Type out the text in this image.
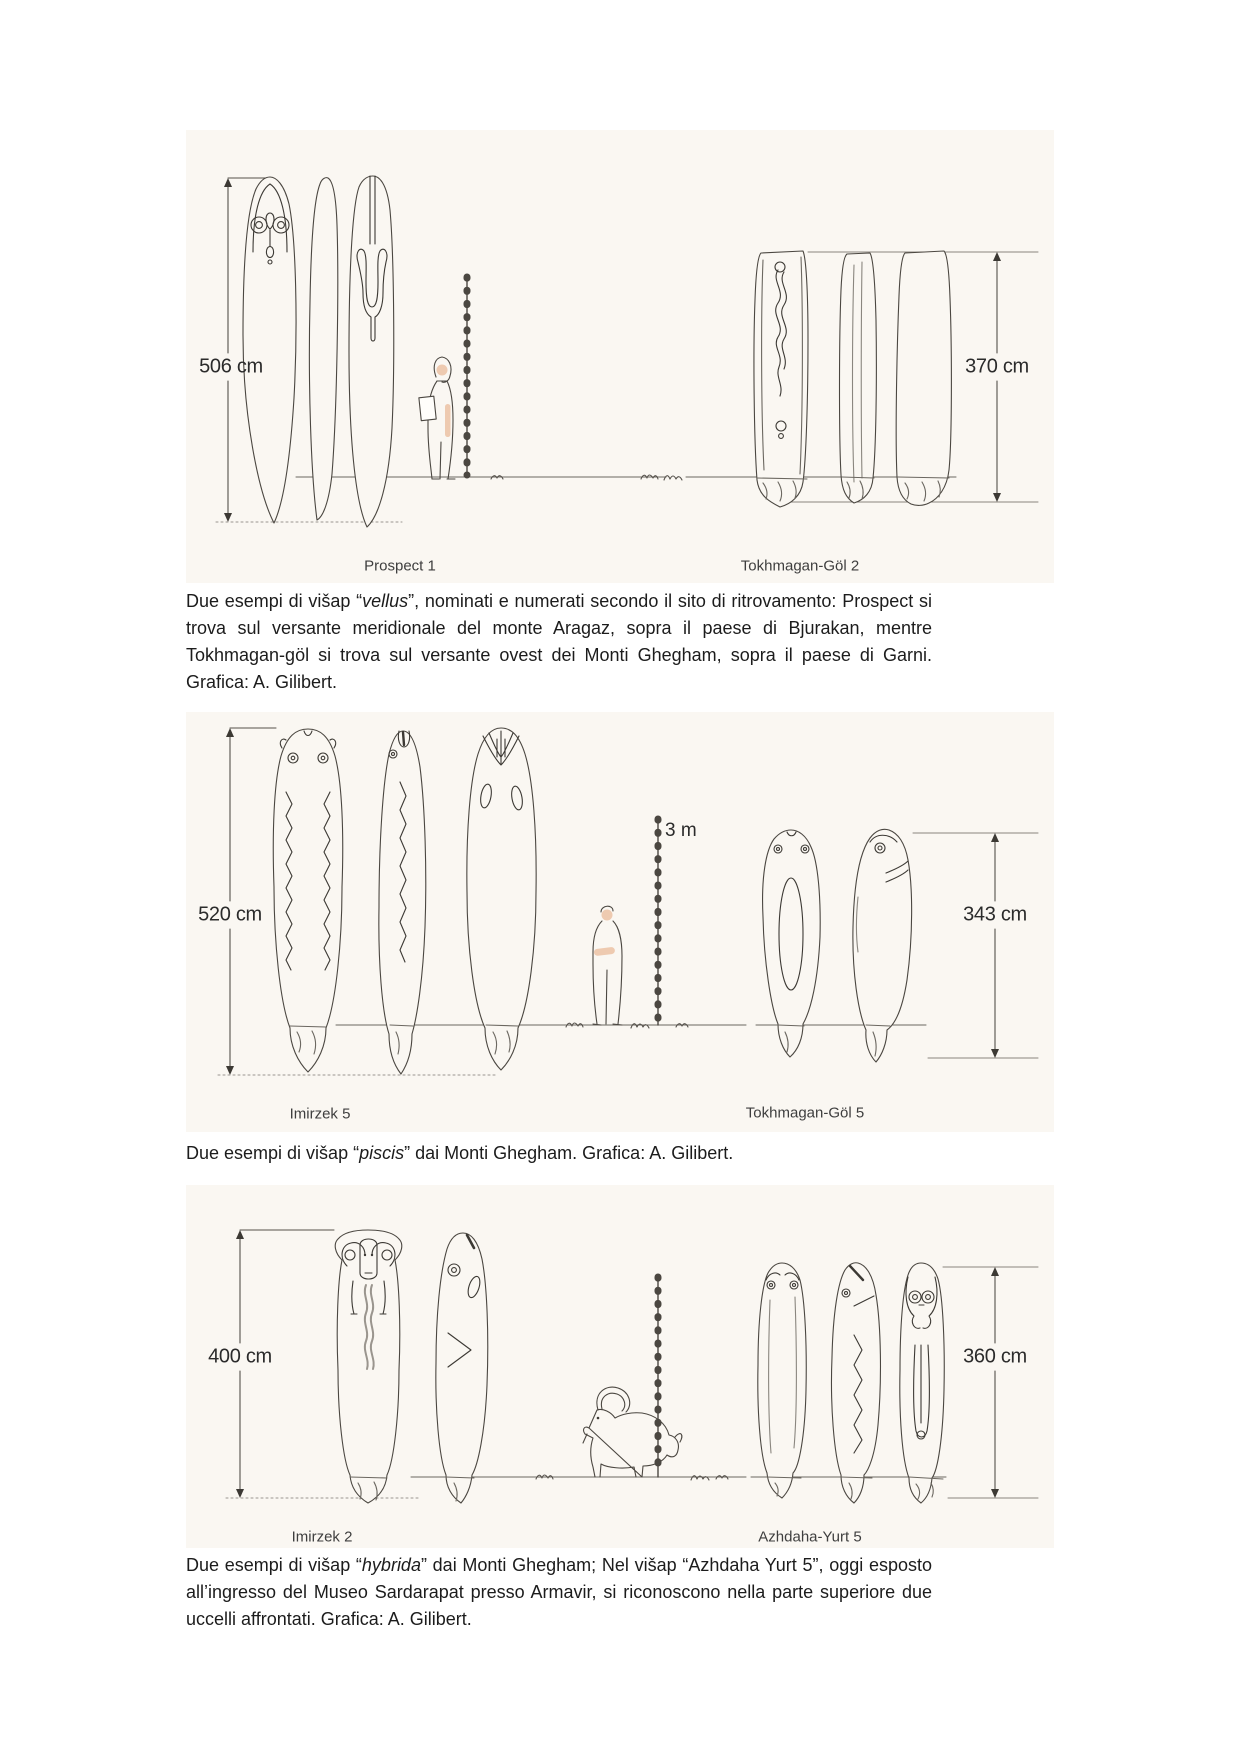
506 cm	370 cm
Prospect 1	Tokhmagan-Göl 2
Due esempi di višap “vellus”, nominati e numerati secondo il sito di ritrovamento: Prospect si trova sul versante meridionale del monte Aragaz, sopra il paese di Bjurakan, mentre Tokhmagan-göl si trova sul versante ovest dei Monti Ghegham, sopra il paese di Garni. Grafica: A. Gilibert.
520 cm	343 cm
3 m
Imirzek 5	Tokhmagan-Göl 5
Due esempi di višap “piscis” dai Monti Ghegham. Grafica: A. Gilibert.
400 cm	360 cm
Imirzek 2	Azhdaha-Yurt 5
Due esempi di višap “hybrida” dai Monti Ghegham; Nel višap “Azhdaha Yurt 5”, oggi esposto all’ingresso del Museo Sardarapat presso Armavir, si riconoscono nella parte superiore due uccelli affrontati. Grafica: A. Gilibert.
